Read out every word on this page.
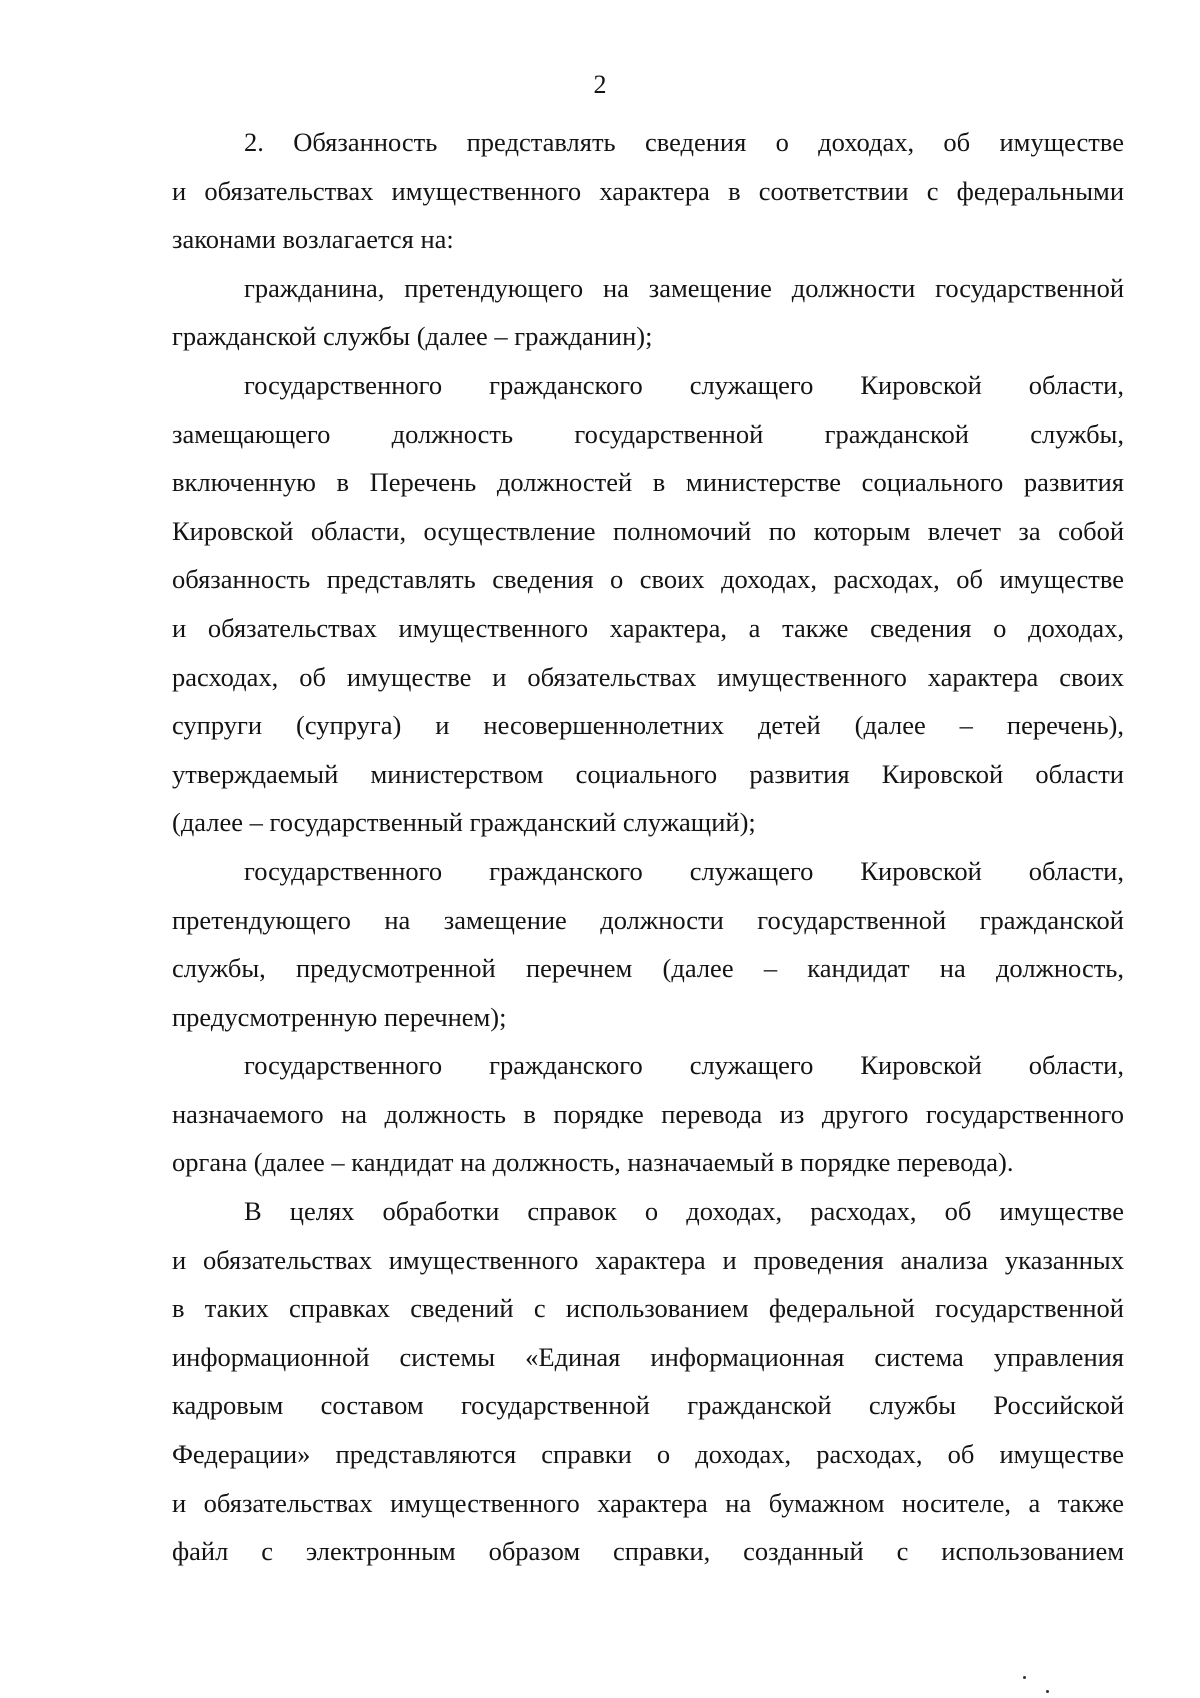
2

2. Обязанность представлять сведения о доходах, об имуществе
и обязательствах имущественного характера в соответствии с федеральными
законами возлагается на:

гражданина, претендующего на замещение должности государственной
гражданской службы (далее – гражданин);

государственного гражданского служащего Кировской области,
замещающего должность государственной гражданской службы,
включенную в Перечень должностей в министерстве социального развития
Кировской области, осуществление полномочий по которым влечет за собой
обязанность представлять сведения о своих доходах, расходах, об имуществе
и обязательствах имущественного характера, а также сведения о доходах,
расходах, об имуществе и обязательствах имущественного характера своих
супруги (супруга) и несовершеннолетних детей (далее – перечень),
утверждаемый министерством социального развития Кировской области
(далее – государственный гражданский служащий);

государственного гражданского служащего Кировской области,
претендующего на замещение должности государственной гражданской
службы, предусмотренной перечнем (далее – кандидат на должность,
предусмотренную перечнем);

государственного гражданского служащего Кировской области,
назначаемого на должность в порядке перевода из другого государственного
органа (далее – кандидат на должность, назначаемый в порядке перевода).

В целях обработки справок о доходах, расходах, об имуществе
и обязательствах имущественного характера и проведения анализа указанных
в таких справках сведений с использованием федеральной государственной
информационной системы «Единая информационная система управления
кадровым составом государственной гражданской службы Российской
Федерации» представляются справки о доходах, расходах, об имуществе
и обязательствах имущественного характера на бумажном носителе, а также
файл с электронным образом справки, созданный с использованием
